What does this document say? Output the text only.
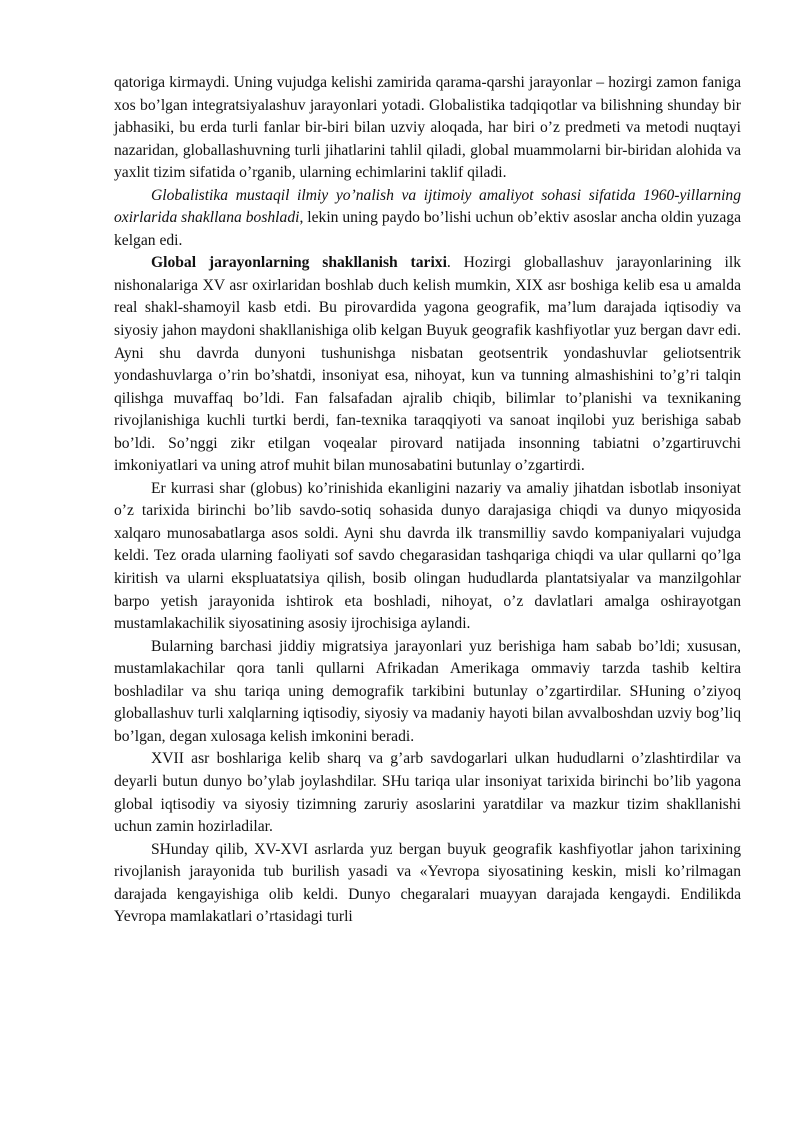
qatoriga kirmaydi. Uning vujudga kelishi zamirida qarama-qarshi jarayonlar – hozirgi zamon faniga xos bo’lgan integratsiyalashuv jarayonlari yotadi. Globalistika tadqiqotlar va bilishning shunday bir jabhasiki, bu erda turli fanlar bir-biri bilan uzviy aloqada, har biri o’z predmeti va metodi nuqtayi nazaridan, globallashuvning turli jihatlarini tahlil qiladi, global muammolarni bir-biridan alohida va yaxlit tizim sifatida o’rganib, ularning echimlarini taklif qiladi.

Globalistika mustaqil ilmiy yo’nalish va ijtimoiy amaliyot sohasi sifatida 1960-yillarning oxirlarida shakllana boshladi, lekin uning paydo bo’lishi uchun ob’ektiv asoslar ancha oldin yuzaga kelgan edi.

Global jarayonlarning shakllanish tarixi. Hozirgi globallashuv jarayonlarining ilk nishonalariga XV asr oxirlaridan boshlab duch kelish mumkin, XIX asr boshiga kelib esa u amalda real shakl-shamoyil kasb etdi. Bu pirovardida yagona geografik, ma’lum darajada iqtisodiy va siyosiy jahon maydoni shakllanishiga olib kelgan Buyuk geografik kashfiyotlar yuz bergan davr edi. Ayni shu davrda dunyoni tushunishga nisbatan geotsentrik yondashuvlar geliotsentrik yondashuvlarga o’rin bo’shatdi, insoniyat esa, nihoyat, kun va tunning almashishini to’g’ri talqin qilishga muvaffaq bo’ldi. Fan falsafadan ajralib chiqib, bilimlar to’planishi va texnikaning rivojlanishiga kuchli turtki berdi, fan-texnika taraqqiyoti va sanoat inqilobi yuz berishiga sabab bo’ldi. So’nggi zikr etilgan voqealar pirovard natijada insonning tabiatni o’zgartiruvchi imkoniyatlari va uning atrof muhit bilan munosabatini butunlay o’zgartirdi.

Er kurrasi shar (globus) ko’rinishida ekanligini nazariy va amaliy jihatdan isbotlab insoniyat o’z tarixida birinchi bo’lib savdo-sotiq sohasida dunyo darajasiga chiqdi va dunyo miqyosida xalqaro munosabatlarga asos soldi. Ayni shu davrda ilk transmilliy savdo kompaniyalari vujudga keldi. Tez orada ularning faoliyati sof savdo chegarasidan tashqariga chiqdi va ular qullarni qo’lga kiritish va ularni ekspluatatsiya qilish, bosib olingan hududlarda plantatsiyalar va manzilgohlar barpo yetish jarayonida ishtirok eta boshladi, nihoyat, o’z davlatlari amalga oshirayotgan mustamlakachilik siyosatining asosiy ijrochisiga aylandi.

Bularning barchasi jiddiy migratsiya jarayonlari yuz berishiga ham sabab bo’ldi; xususan, mustamlakachilar qora tanli qullarni Afrikadan Amerikaga ommaviy tarzda tashib keltira boshladilar va shu tariqa uning demografik tarkibini butunlay o’zgartirdilar. SHuning o’ziyoq globallashuv turli xalqlarning iqtisodiy, siyosiy va madaniy hayoti bilan avvalboshdan uzviy bog’liq bo’lgan, degan xulosaga kelish imkonini beradi.

XVII asr boshlariga kelib sharq va g’arb savdogarlari ulkan hududlarni o’zlashtirdilar va deyarli butun dunyo bo’ylab joylashdilar. SHu tariqa ular insoniyat tarixida birinchi bo’lib yagona global iqtisodiy va siyosiy tizimning zaruriy asoslarini yaratdilar va mazkur tizim shakllanishi uchun zamin hozirladilar.

SHunday qilib, XV-XVI asrlarda yuz bergan buyuk geografik kashfiyotlar jahon tarixining rivojlanish jarayonida tub burilish yasadi va «Yevropa siyosatining keskin, misli ko’rilmagan darajada kengayishiga olib keldi. Dunyo chegaralari muayyan darajada kengaydi. Endilikda Yevropa mamlakatlari o’rtasidagi turli
